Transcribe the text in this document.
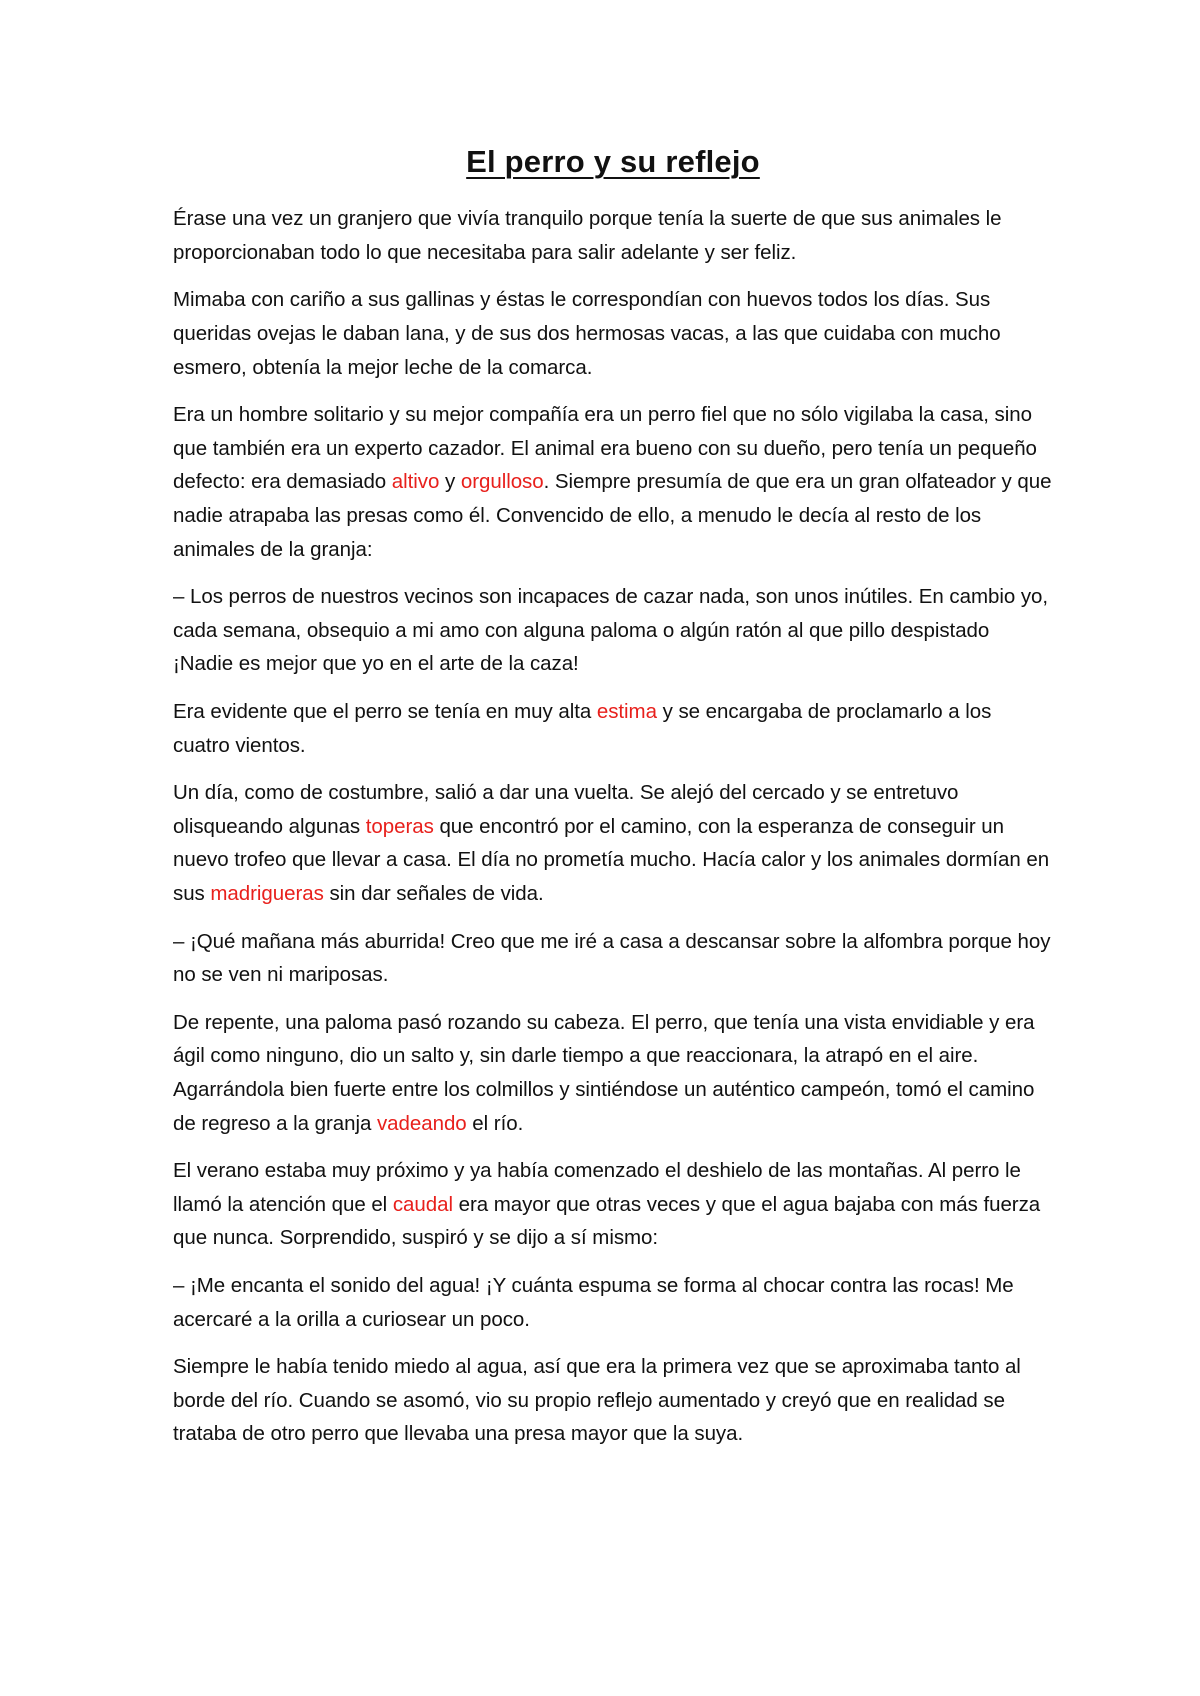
El perro y su reflejo

Érase una vez un granjero que vivía tranquilo porque tenía la suerte de que sus animales le proporcionaban todo lo que necesitaba para salir adelante y ser feliz.

Mimaba con cariño a sus gallinas y éstas le correspondían con huevos todos los días. Sus queridas ovejas le daban lana, y de sus dos hermosas vacas, a las que cuidaba con mucho esmero, obtenía la mejor leche de la comarca.

Era un hombre solitario y su mejor compañía era un perro fiel que no sólo vigilaba la casa, sino que también era un experto cazador. El animal era bueno con su dueño, pero tenía un pequeño defecto: era demasiado altivo y orgulloso. Siempre presumía de que era un gran olfateador y que nadie atrapaba las presas como él. Convencido de ello, a menudo le decía al resto de los animales de la granja:

– Los perros de nuestros vecinos son incapaces de cazar nada, son unos inútiles. En cambio yo, cada semana, obsequio a mi amo con alguna paloma o algún ratón al que pillo despistado ¡Nadie es mejor que yo en el arte de la caza!

Era evidente que el perro se tenía en muy alta estima y se encargaba de proclamarlo a los cuatro vientos.

Un día, como de costumbre, salió a dar una vuelta. Se alejó del cercado y se entretuvo olisqueando algunas toperas que encontró por el camino, con la esperanza de conseguir un nuevo trofeo que llevar a casa. El día no prometía mucho. Hacía calor y los animales dormían en sus madrigueras sin dar señales de vida.

– ¡Qué mañana más aburrida! Creo que me iré a casa a descansar sobre la alfombra porque hoy no se ven ni mariposas.

De repente, una paloma pasó rozando su cabeza. El perro, que tenía una vista envidiable y era ágil como ninguno, dio un salto y, sin darle tiempo a que reaccionara, la atrapó en el aire. Agarrándola bien fuerte entre los colmillos y sintiéndose un auténtico campeón, tomó el camino de regreso a la granja vadeando el río.

El verano estaba muy próximo y ya había comenzado el deshielo de las montañas. Al perro le llamó la atención que el caudal era mayor que otras veces y que el agua bajaba con más fuerza que nunca. Sorprendido, suspiró y se dijo a sí mismo:

– ¡Me encanta el sonido del agua! ¡Y cuánta espuma se forma al chocar contra las rocas! Me acercaré a la orilla a curiosear un poco.

Siempre le había tenido miedo al agua, así que era la primera vez que se aproximaba tanto al borde del río. Cuando se asomó, vio su propio reflejo aumentado y creyó que en realidad se trataba de otro perro que llevaba una presa mayor que la suya.
